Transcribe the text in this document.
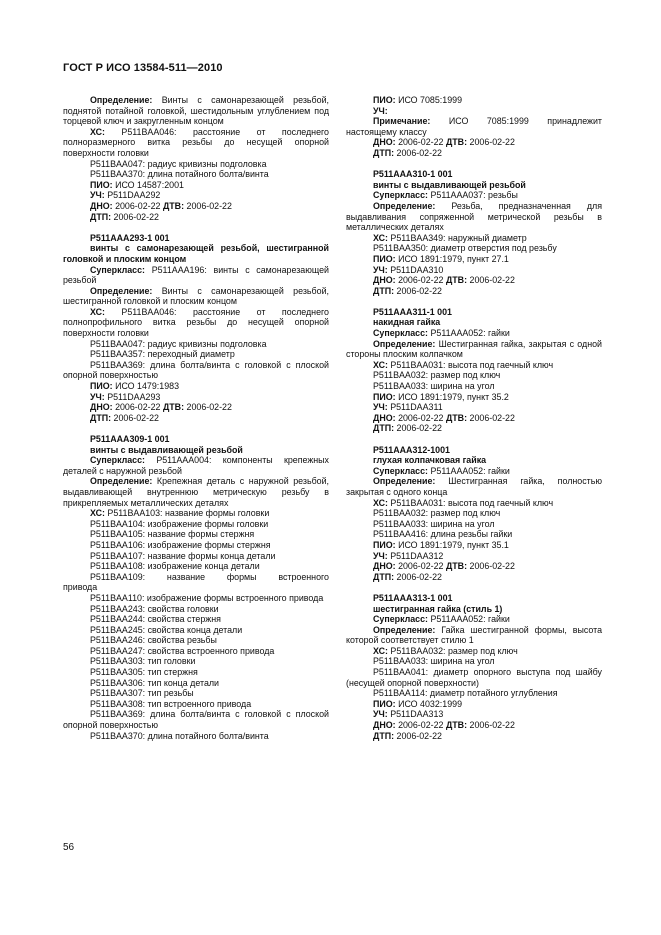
ГОСТ Р ИСО 13584-511—2010

Определение: Винты с самонарезающей резьбой, поднятой потайной головкой, шестидольным углублением под торцевой ключ и закругленным концом

ХС: P511BAA046: расстояние от последнего полноразмерного витка резьбы до несущей опорной поверхности головки

P511BAA047: радиус кривизны подголовка

P511BAA370: длина потайного болта/винта

ПИО: ИСО 14587:2001

УЧ: P511DAA292

ДНО: 2006-02-22 ДТВ: 2006-02-22

ДТП: 2006-02-22

P511AAA293-1 001

винты с самонарезающей резьбой, шестигранной головкой и плоским концом

Суперкласс: P511AAA196: винты с самонарезающей резьбой

Определение: Винты с самонарезающей резьбой, шестигранной головкой и плоским концом

ХС: P511BAA046: расстояние от последнего полнопрофильного витка резьбы до несущей опорной поверхности головки

P511BAA047: радиус кривизны подголовка

P511BAA357: переходный диаметр

P511BAA369: длина болта/винта с головкой с плоской опорной поверхностью

ПИО: ИСО 1479:1983

УЧ: P511DAA293

ДНО: 2006-02-22 ДТВ: 2006-02-22

ДТП: 2006-02-22

P511AAA309-1 001

винты с выдавливающей резьбой

Суперкласс: P511AAA004: компоненты крепежных деталей с наружной резьбой

Определение: Крепежная деталь с наружной резьбой, выдавливающей внутреннюю метрическую резьбу в прикрепляемых металлических деталях

ХС: P511BAA103: название формы головки

P511BAA104: изображение формы головки

P511BAA105: название формы стержня

P511BAA106: изображение формы стержня

P511BAA107: название формы конца детали

P511BAA108: изображение конца детали

P511BAA109: название формы встроенного привода

P511BAA110: изображение формы встроенного привода

P511BAA243: свойства головки

P511BAA244: свойства стержня

P511BAA245: свойства конца детали

P511BAA246: свойства резьбы

P511BAA247: свойства встроенного привода

P511BAA303: тип головки

P511BAA305: тип стержня

P511BAA306: тип конца детали

P511BAA307: тип резьбы

P511BAA308: тип встроенного привода

P511BAA369: длина болта/винта с головкой с плоской опорной поверхностью

P511BAA370: длина потайного болта/винта

ПИО: ИСО 7085:1999

УЧ:

Примечание: ИСО 7085:1999 принадлежит настоящему классу

ДНО: 2006-02-22 ДТВ: 2006-02-22

ДТП: 2006-02-22

P511AAA310-1 001

винты с выдавливающей резьбой

Суперкласс: P511AAA037: резьбы

Определение: Резьба, предназначенная для выдавливания сопряженной метрической резьбы в металлических деталях

ХС: P511BAA349: наружный диаметр

P511BAA350: диаметр отверстия под резьбу

ПИО: ИСО 1891:1979, пункт 27.1

УЧ: P511DAA310

ДНО: 2006-02-22 ДТВ: 2006-02-22

ДТП: 2006-02-22

P511AAA311-1 001

накидная гайка

Суперкласс: P511AAA052: гайки

Определение: Шестигранная гайка, закрытая с одной стороны плоским колпачком

ХС: P511BAA031: высота под гаечный ключ

P511BAA032: размер под ключ

P511BAA033: ширина на угол

ПИО: ИСО 1891:1979, пункт 35.2

УЧ: P511DAA311

ДНО: 2006-02-22 ДТВ: 2006-02-22

ДТП: 2006-02-22

P511AAA312-1001

глухая колпачковая гайка

Суперкласс: P511AAA052: гайки

Определение: Шестигранная гайка, полностью закрытая с одного конца

ХС: P511BAA031: высота под гаечный ключ

P511BAA032: размер под ключ

P511BAA033: ширина на угол

P511BAA416: длина резьбы гайки

ПИО: ИСО 1891:1979, пункт 35.1

УЧ: P511DAA312

ДНО: 2006-02-22 ДТВ: 2006-02-22

ДТП: 2006-02-22

P511AAA313-1 001

шестигранная гайка (стиль 1)

Суперкласс: P511AAA052: гайки

Определение: Гайка шестигранной формы, высота которой соответствует стилю 1

ХС: P511BAA032: размер под ключ

P511BAA033: ширина на угол

P511BAA041: диаметр опорного выступа под шайбу (несущей опорной поверхности)

P511BAA114: диаметр потайного углубления

ПИО: ИСО 4032:1999

УЧ: P511DAA313

ДНО: 2006-02-22 ДТВ: 2006-02-22

ДТП: 2006-02-22

56
